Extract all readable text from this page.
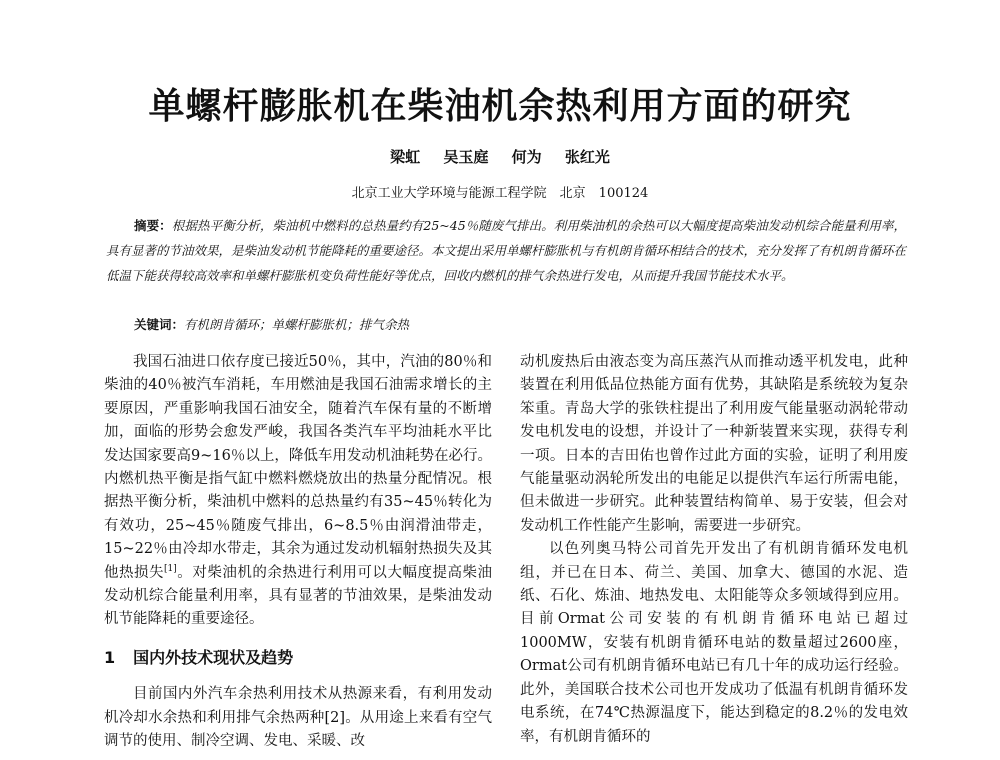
单螺杆膨胀机在柴油机余热利用方面的研究
梁虹 吴玉庭 何为 张红光
北京工业大学环境与能源工程学院　北京　100124
摘要：根据热平衡分析，柴油机中燃料的总热量约有25~45％随废气排出。利用柴油机的余热可以大幅度提高柴油发动机综合能量利用率，具有显著的节油效果，是柴油发动机节能降耗的重要途径。本文提出采用单螺杆膨胀机与有机朗肯循环相结合的技术，充分发挥了有机朗肯循环在低温下能获得较高效率和单螺杆膨胀机变负荷性能好等优点，回收内燃机的排气余热进行发电，从而提升我国节能技术水平。
关键词：有机朗肯循环；单螺杆膨胀机；排气余热

我国石油进口依存度已接近50％，其中，汽油的80％和柴油的40％被汽车消耗，车用燃油是我国石油需求增长的主要原因，严重影响我国石油安全，随着汽车保有量的不断增加，面临的形势会愈发严峻，我国各类汽车平均油耗水平比发达国家要高9~16％以上，降低车用发动机油耗势在必行。内燃机热平衡是指气缸中燃料燃烧放出的热量分配情况。根据热平衡分析，柴油机中燃料的总热量约有35~45％转化为有效功，25~45％随废气排出，6~8.5％由润滑油带走，15~22％由冷却水带走，其余为通过发动机辐射热损失及其他热损失[1]。对柴油机的余热进行利用可以大幅度提高柴油发动机综合能量利用率，具有显著的节油效果，是柴油发动机节能降耗的重要途径。

1 国内外技术现状及趋势

目前国内外汽车余热利用技术从热源来看，有利用发动机冷却水余热和利用排气余热两种[2]。从用途上来看有空气调节的使用、制冷空调、发电、采暖、改

动机废热后由液态变为高压蒸汽从而推动透平机发电，此种装置在利用低品位热能方面有优势，其缺陷是系统较为复杂笨重。青岛大学的张铁柱提出了利用废气能量驱动涡轮带动发电机发电的设想，并设计了一种新装置来实现，获得专利一项。日本的吉田佑也曾作过此方面的实验，证明了利用废气能量驱动涡轮所发出的电能足以提供汽车运行所需电能，但未做进一步研究。此种装置结构简单、易于安装，但会对发动机工作性能产生影响，需要进一步研究。

以色列奥马特公司首先开发出了有机朗肯循环发电机组，并已在日本、荷兰、美国、加拿大、德国的水泥、造纸、石化、炼油、地热发电、太阳能等众多领域得到应用。目前Ormat公司安装的有机朗肯循环电站已超过1000MW，安装有机朗肯循环电站的数量超过2600座，Ormat公司有机朗肯循环电站已有几十年的成功运行经验。此外，美国联合技术公司也开发成功了低温有机朗肯循环发电系统，在74℃热源温度下，能达到稳定的8.2％的发电效率，有机朗肯循环的
